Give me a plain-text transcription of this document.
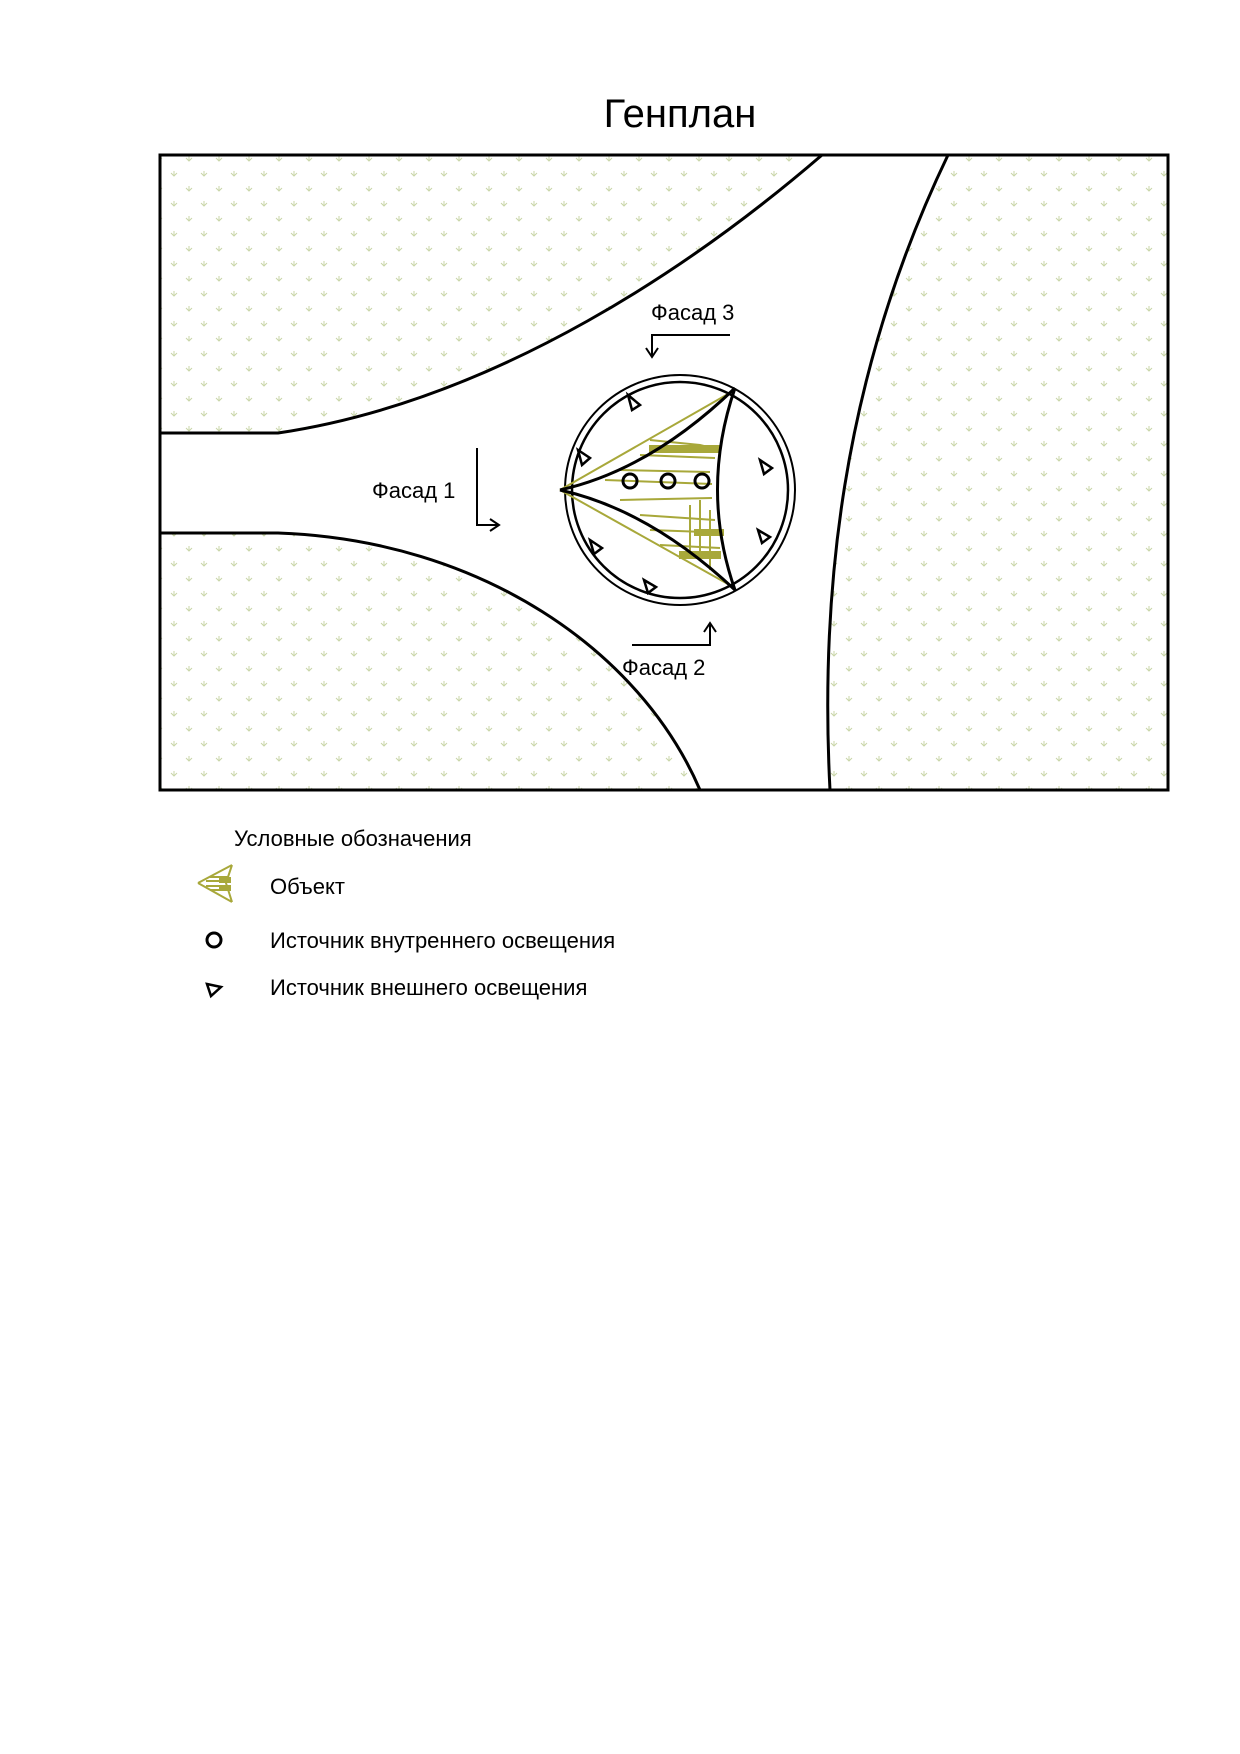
Генплан
Фасад 1
Фасад 2
Фасад 3
Условные обозначения
Объект
Источник внутреннего освещения
Источник внешнего освещения
